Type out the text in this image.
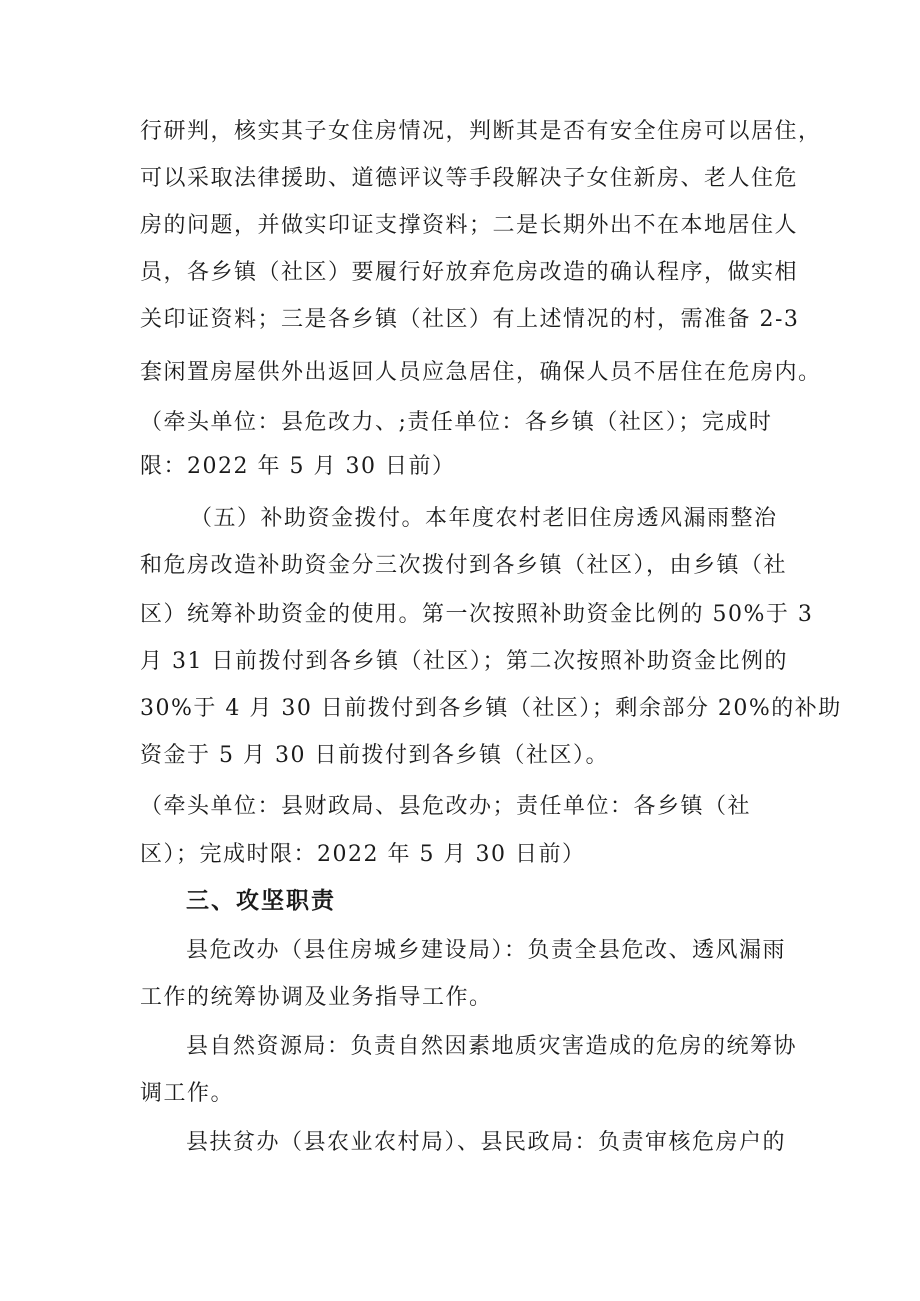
行研判，核实其子女住房情况，判断其是否有安全住房可以居住，
可以采取法律援助、道德评议等手段解决子女住新房、老人住危
房的问题，并做实印证支撑资料；二是长期外出不在本地居住人
员，各乡镇（社区）要履行好放弃危房改造的确认程序，做实相
关印证资料；三是各乡镇（社区）有上述情况的村，需准备 2-3
套闲置房屋供外出返回人员应急居住，确保人员不居住在危房内。
（牵头单位：县危改力、;责任单位：各乡镇（社区）；完成时
限：2022 年 5 月 30 日前）
（五）补助资金拨付。本年度农村老旧住房透风漏雨整治
和危房改造补助资金分三次拨付到各乡镇（社区），由乡镇（社
区）统筹补助资金的使用。第一次按照补助资金比例的 50%于 3
月 31 日前拨付到各乡镇（社区）；第二次按照补助资金比例的
30%于 4 月 30 日前拨付到各乡镇（社区）；剩余部分 20%的补助
资金于 5 月 30 日前拨付到各乡镇（社区）。
（牵头单位：县财政局、县危改办；责任单位：各乡镇（社
区）；完成时限：2022 年 5 月 30 日前）
三、攻坚职责
县危改办（县住房城乡建设局）：负责全县危改、透风漏雨
工作的统筹协调及业务指导工作。
县自然资源局：负责自然因素地质灾害造成的危房的统筹协
调工作。
县扶贫办（县农业农村局）、县民政局：负责审核危房户的
